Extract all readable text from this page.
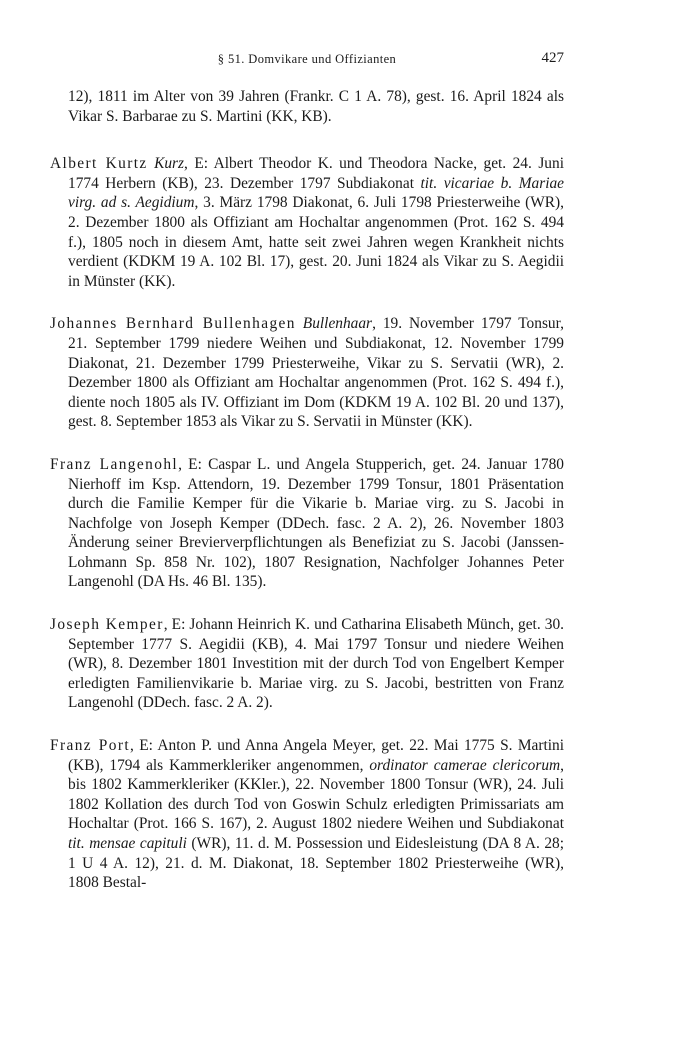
§ 51. Domvikare und Offizianten	427

12), 1811 im Alter von 39 Jahren (Frankr. C 1 A. 78), gest. 16. April 1824 als Vikar S. Barbarae zu S. Martini (KK, KB).

Albert Kurtz Kurz, E: Albert Theodor K. und Theodora Nacke, get. 24. Juni 1774 Herbern (KB), 23. Dezember 1797 Subdiakonat tit. vicariae b. Mariae virg. ad s. Aegidium, 3. März 1798 Diakonat, 6. Juli 1798 Priesterweihe (WR), 2. Dezember 1800 als Offiziant am Hochaltar angenommen (Prot. 162 S. 494 f.), 1805 noch in diesem Amt, hatte seit zwei Jahren wegen Krankheit nichts verdient (KDKM 19 A. 102 Bl. 17), gest. 20. Juni 1824 als Vikar zu S. Aegidii in Münster (KK).

Johannes Bernhard Bullenhagen Bullenhaar, 19. November 1797 Tonsur, 21. September 1799 niedere Weihen und Subdiakonat, 12. November 1799 Diakonat, 21. Dezember 1799 Priesterweihe, Vikar zu S. Servatii (WR), 2. Dezember 1800 als Offiziant am Hochaltar angenommen (Prot. 162 S. 494 f.), diente noch 1805 als IV. Offiziant im Dom (KDKM 19 A. 102 Bl. 20 und 137), gest. 8. September 1853 als Vikar zu S. Servatii in Münster (KK).

Franz Langenohl, E: Caspar L. und Angela Stupperich, get. 24. Januar 1780 Nierhoff im Ksp. Attendorn, 19. Dezember 1799 Tonsur, 1801 Präsentation durch die Familie Kemper für die Vikarie b. Mariae virg. zu S. Jacobi in Nachfolge von Joseph Kemper (DDech. fasc. 2 A. 2), 26. November 1803 Änderung seiner Brevierverpflichtungen als Benefiziat zu S. Jacobi (Janssen-Lohmann Sp. 858 Nr. 102), 1807 Resignation, Nachfolger Johannes Peter Langenohl (DA Hs. 46 Bl. 135).

Joseph Kemper, E: Johann Heinrich K. und Catharina Elisabeth Münch, get. 30. September 1777 S. Aegidii (KB), 4. Mai 1797 Tonsur und niedere Weihen (WR), 8. Dezember 1801 Investition mit der durch Tod von Engelbert Kemper erledigten Familienvikarie b. Mariae virg. zu S. Jacobi, bestritten von Franz Langenohl (DDech. fasc. 2 A. 2).

Franz Port, E: Anton P. und Anna Angela Meyer, get. 22. Mai 1775 S. Martini (KB), 1794 als Kammerkleriker angenommen, ordinator camerae clericorum, bis 1802 Kammerkleriker (KKler.), 22. November 1800 Tonsur (WR), 24. Juli 1802 Kollation des durch Tod von Goswin Schulz erledigten Primissariats am Hochaltar (Prot. 166 S. 167), 2. August 1802 niedere Weihen und Subdiakonat tit. mensae capituli (WR), 11. d. M. Possession und Eidesleistung (DA 8 A. 28; 1 U 4 A. 12), 21. d. M. Diakonat, 18. September 1802 Priesterweihe (WR), 1808 Bestal-
